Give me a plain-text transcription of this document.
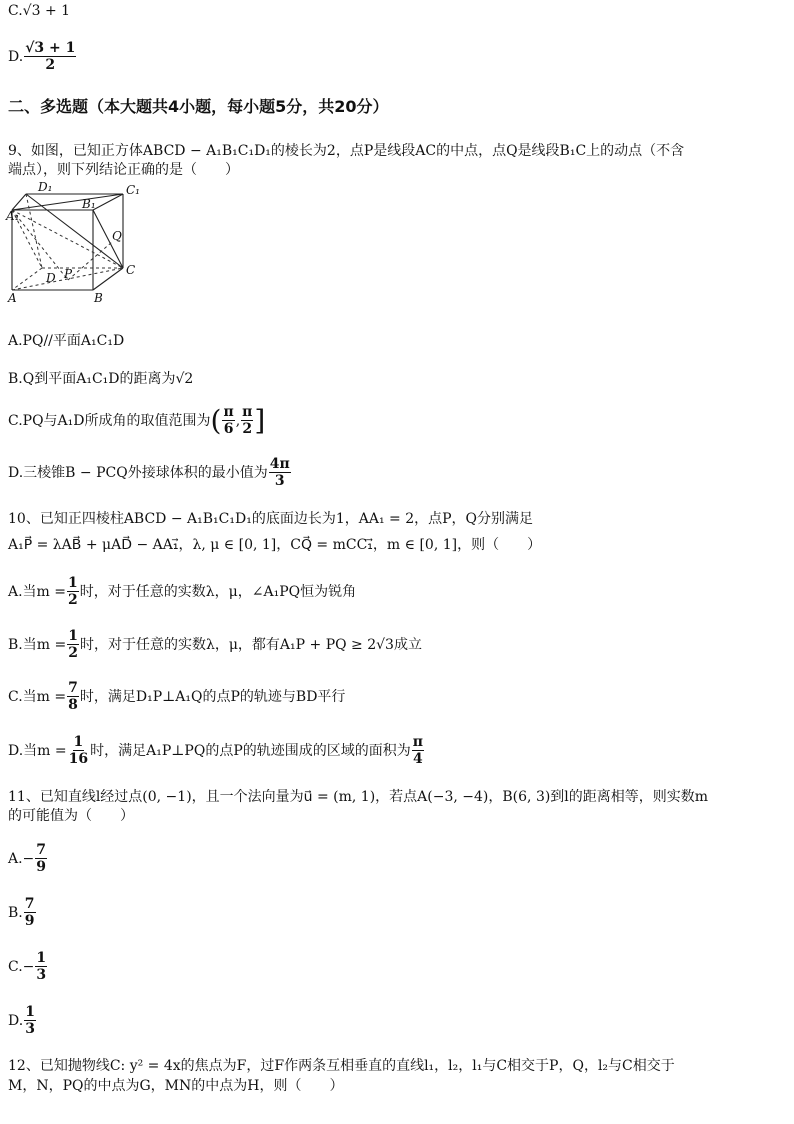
C.√3 + 1
D. $\frac{√3 + 1}{2}$
二、多选题（本大题共4小题，每小题5分，共20分）
9、如图，已知正方体ABCD − A₁B₁C₁D₁的棱长为2，点P是线段AC的中点，点Q是线段B₁C上的动点（不含
端点），则下列结论正确的是（　　）
D₁	C₁
A₁
B₁
Q
D P	C
A	B
A.PQ//平面A₁C₁D
B.Q到平面A₁C₁D的距离为√2
C.PQ与A₁D所成角的取值范围为 ( $\frac{\pi}{6}$ , $\frac{\pi}{2}$ ]
D.三棱锥B − PCQ外接球体积的最小值为 $\frac{4\pi}{3}$
10、已知正四棱柱ABCD − A₁B₁C₁D₁的底面边长为1，AA₁ = 2，点P，Q分别满足
A₁P⃗ = λAB⃗ + μAD⃗ − AA₁⃗，λ, μ ∈ [0, 1]，CQ⃗ = mCC₁⃗，m ∈ [0, 1]，则（　　）
A.当$m = \frac{1}{2}$ 时，对于任意的实数λ，μ，∠A₁PQ恒为锐角
B.当$m = \frac{1}{2}$ 时，对于任意的实数λ，μ，都有A₁P + PQ ≥ 2√3成立
C.当$m = \frac{7}{8}$ 时，满足D₁P⊥A₁Q的点P的轨迹与BD平行
D.当$m = \frac{1}{16}$ 时，满足A₁P⊥PQ的点P的轨迹围成的区域的面积为 $\frac{\pi}{4}$
11、已知直线l经过点(0, −1)，且一个法向量为u⃗ = (m, 1)，若点A(−3, −4)，B(6, 3)到l的距离相等，则实数m
的可能值为（　　）
$A.- \frac{7}{9}$
B. $\frac{7}{9}$
$C.- \frac{1}{3}$
D. $\frac{1}{3}$
12、已知抛物线C: y² = 4x的焦点为F，过F作两条互相垂直的直线l₁，l₂，l₁与C相交于P，Q，l₂与C相交于
M，N，PQ的中点为G，MN的中点为H，则（　　）
